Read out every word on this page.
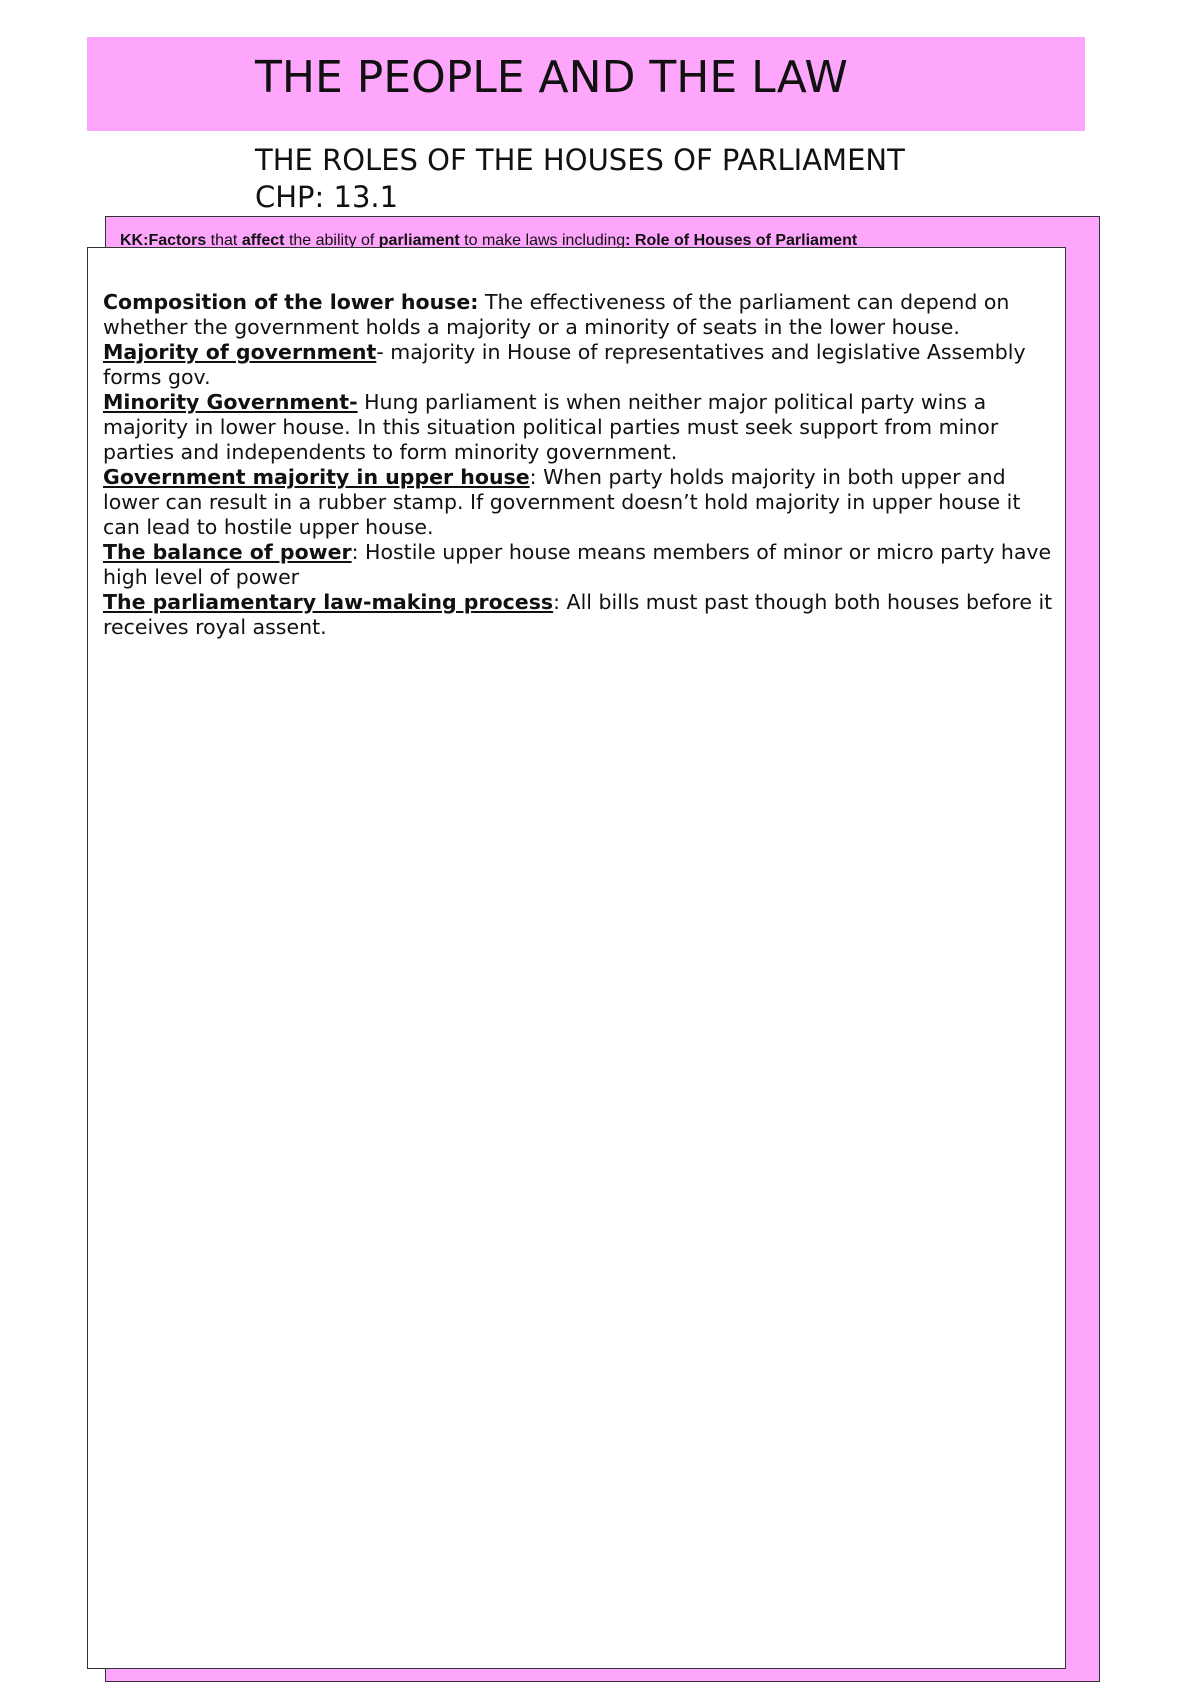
THE PEOPLE AND THE LAW
THE ROLES OF THE HOUSES OF PARLIAMENT
CHP: 13.1
KK:Factors that affect the ability of parliament to make laws including: Role of Houses of Parliament

Composition of the lower house: The effectiveness of the parliament can depend on whether the government holds a majority or a minority of seats in the lower house.

Majority of government- majority in House of representatives and legislative Assembly forms gov.

Minority Government- Hung parliament is when neither major political party wins a majority in lower house. In this situation political parties must seek support from minor parties and independents to form minority government.

Government majority in upper house: When party holds majority in both upper and lower can result in a rubber stamp. If government doesn’t hold majority in upper house it can lead to hostile upper house.

The balance of power: Hostile upper house means members of minor or micro party have high level of power

The parliamentary law-making process: All bills must past though both houses before it receives royal assent.
